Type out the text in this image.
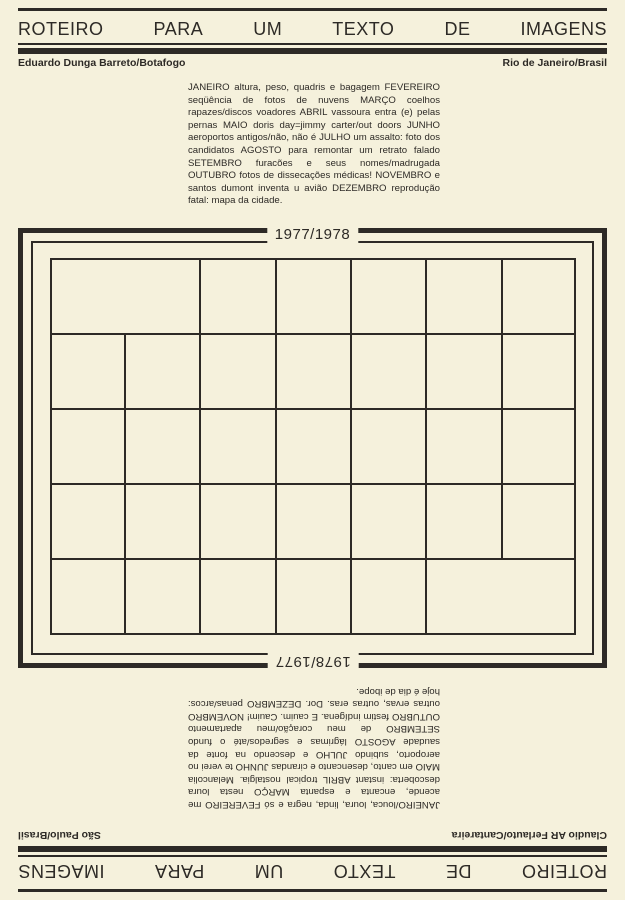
ROTEIRO	PARA	UM	TEXTO	DE	IMAGENS
Eduardo Dunga Barreto/Botafogo	Rio de Janeiro/Brasil

JANEIRO altura, peso, quadris e bagagem FEVEREIRO seqüência de fotos de nuvens MARÇO coelhos rapazes/discos voadores ABRIL vassoura entra (e) pelas pernas MAIO doris day=jimmy carter/out doors JUNHO aeroportos antigos/não, não é JULHO um assalto: foto dos candidatos AGOSTO para remontar um retrato falado SETEMBRO furacões e seus nomes/madrugada OUTUBRO fotos de dissecações médicas! NOVEMBRO e santos dumont inventa u avião DEZEMBRO reprodução fatal: mapa da cidade.

1977/1978
1978/1977

JANEIRO/louca, loura, linda, negra e só FEVEREIRO me acende, encanta e espanta MARÇO nesta loura descoberta: instant ABRIL tropical nostalgia. Melancolia MAIO em canto, desencanto e cirandas JUNHO te verei no aeroporto, subindo JULHO e descendo na fonte da saudade AGOSTO lágrimas e segredos/até o fundo SETEMBRO de meu coração/meu apartamento OUTUBRO festim indígena. E cauim. Cauim! NOVEMBRO outras ervas, outras eras. Dor. DEZEMBRO penas/arcos: hoje é dia de ibope.

Claudio AR Ferlauto/Cantareira
São Paulo/Brasil
ROTEIRO
DE
TEXTO
UM
PARA
IMAGENS
